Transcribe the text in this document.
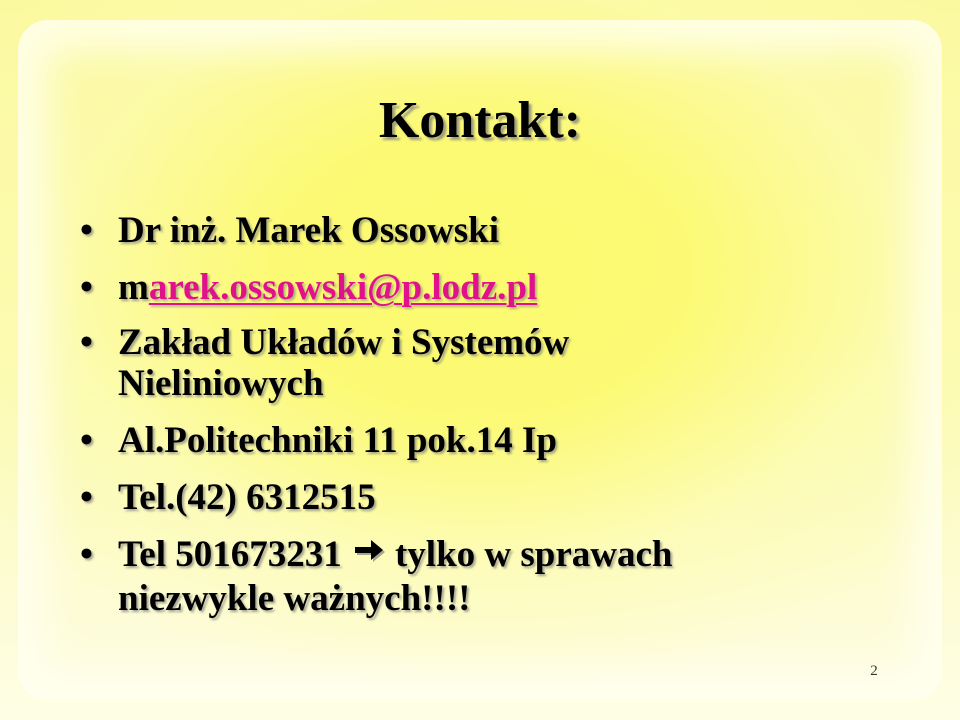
Kontakt:
• Dr inż. Marek Ossowski
• marek.ossowski@p.lodz.pl
• Zakład Układów i Systemów
Nieliniowych
• Al.Politechniki 11 pok.14 Ip
• Tel.(42) 6312515
• Tel 501673231 tylko w sprawach
niezwykle ważnych!!!!
2
